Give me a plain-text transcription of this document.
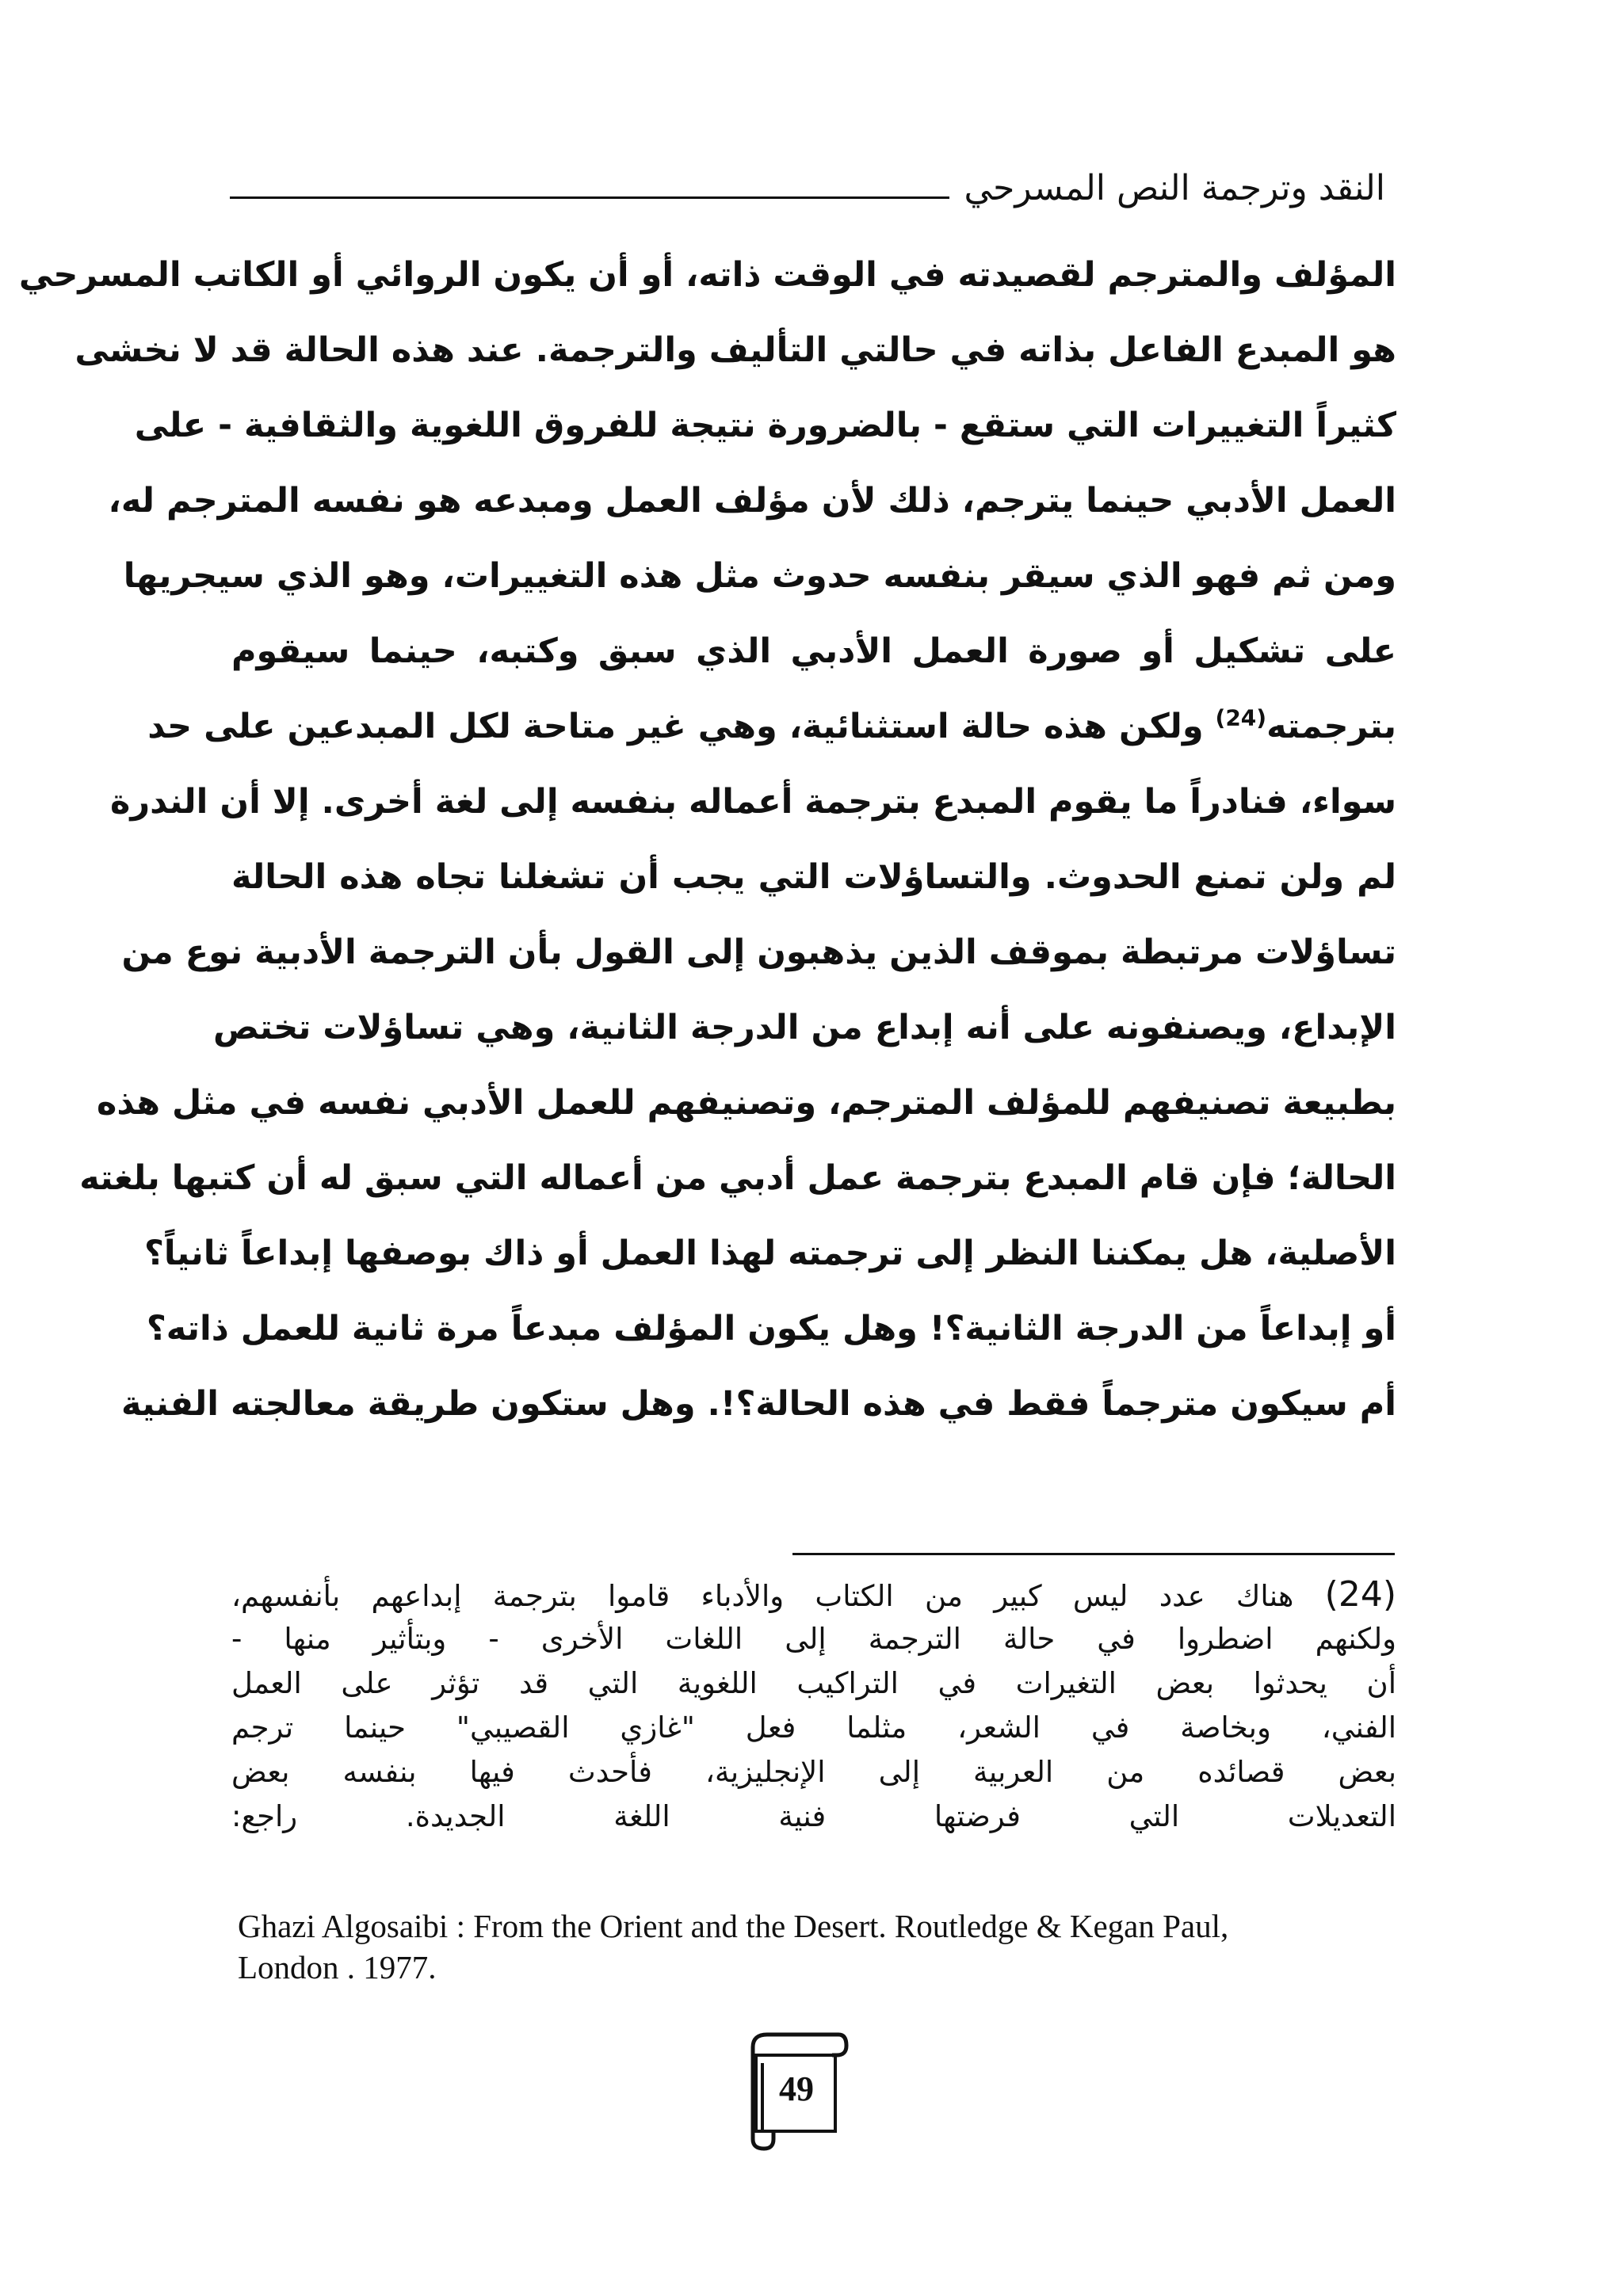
النقد وترجمة النص المسرحي
المؤلف والمترجم لقصيدته في الوقت ذاته، أو أن يكون الروائي أو الكاتب المسرحي
هو المبدع الفاعل بذاته في حالتي التأليف والترجمة. عند هذه الحالة قد لا نخشى
كثيراً التغييرات التي ستقع - بالضرورة نتيجة للفروق اللغوية والثقافية - على
العمل الأدبي حينما يترجم، ذلك لأن مؤلف العمل ومبدعه هو نفسه المترجم له،
ومن ثم فهو الذي سيقر بنفسه حدوث مثل هذه التغييرات، وهو الذي سيجريها
على تشكيل أو صورة العمل الأدبي الذي سبق وكتبه، حينما سيقوم
بترجمته$^{(24)}$ ولكن هذه حالة استثنائية، وهي غير متاحة لكل المبدعين على حد
سواء، فنادراً ما يقوم المبدع بترجمة أعماله بنفسه إلى لغة أخرى. إلا أن الندرة
لم ولن تمنع الحدوث. والتساؤلات التي يجب أن تشغلنا تجاه هذه الحالة
تساؤلات مرتبطة بموقف الذين يذهبون إلى القول بأن الترجمة الأدبية نوع من
الإبداع، ويصنفونه على أنه إبداع من الدرجة الثانية، وهي تساؤلات تختص
بطبيعة تصنيفهم للمؤلف المترجم، وتصنيفهم للعمل الأدبي نفسه في مثل هذه
الحالة؛ فإن قام المبدع بترجمة عمل أدبي من أعماله التي سبق له أن كتبها بلغته
الأصلية، هل يمكننا النظر إلى ترجمته لهذا العمل أو ذاك بوصفها إبداعاً ثانياً؟
أو إبداعاً من الدرجة الثانية؟! وهل يكون المؤلف مبدعاً مرة ثانية للعمل ذاته؟
أم سيكون مترجماً فقط في هذه الحالة؟!. وهل ستكون طريقة معالجته الفنية
(24) هناك عدد ليس كبير من الكتاب والأدباء قاموا بترجمة إبداعهم بأنفسهم،
ولكنهم اضطروا في حالة الترجمة إلى اللغات الأخرى - وبتأثير منها -
أن يحدثوا بعض التغيرات في التراكيب اللغوية التي قد تؤثر على العمل
الفني، وبخاصة في الشعر، مثلما فعل "غازي القصيبي" حينما ترجم
بعض قصائده من العربية إلى الإنجليزية، فأحدث فيها بنفسه بعض
التعديلات التي فرضتها فنية اللغة الجديدة. راجع:
Ghazi Algosaibi : From the Orient and the Desert. Routledge & Kegan Paul, London . 1977.
49
